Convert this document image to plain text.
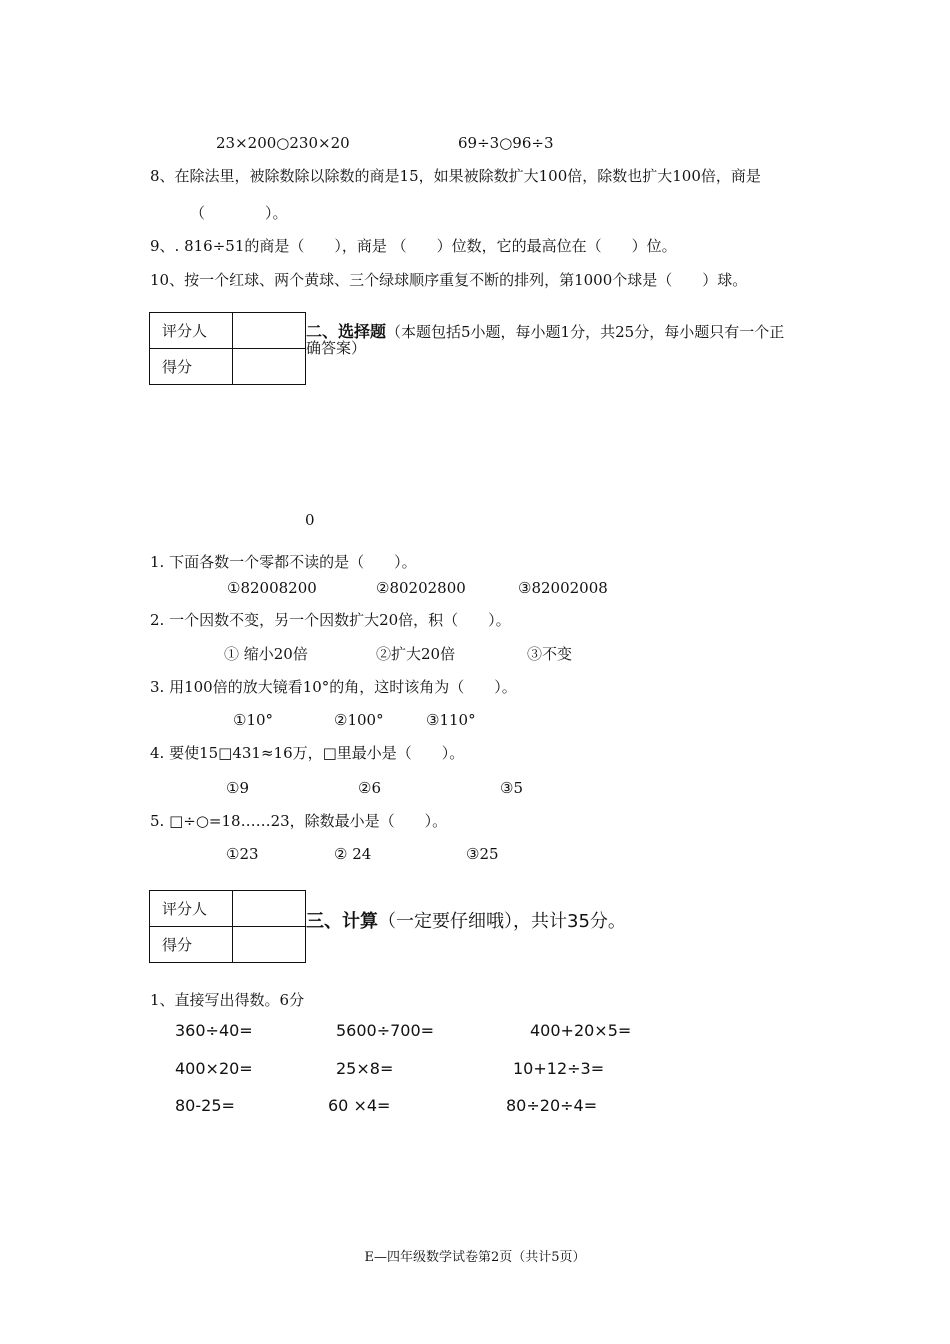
23×200○230×20	69÷3○96÷3
8、在除法里，被除数除以除数的商是15，如果被除数扩大100倍，除数也扩大100倍，商是
（　　　　）。
9、. 816÷51的商是（　　），商是 （　　）位数，它的最高位在（　　）位。
10、按一个红球、两个黄球、三个绿球顺序重复不断的排列，第1000个球是（　　）球。
评分人	
得分	
二、选择题（本题包括5小题，每小题1分，共25分，每小题只有一个正
确答案）
0
1. 下面各数一个零都不读的是（　　）。
①82008200	②80202800	③82002008
2. 一个因数不变，另一个因数扩大20倍，积（　　）。
① 缩小20倍	②扩大20倍	③不变
3. 用100倍的放大镜看10°的角，这时该角为（　　）。
①10°	②100°	③110°
4. 要使15□431≈16万，□里最小是（　　）。
①9	②6	③5
5. □÷○=18……23，除数最小是（　　）。
①23	② 24	③25
评分人	
得分	
三、计算（一定要仔细哦），共计35分。
1、直接写出得数。6分
360÷40=	5600÷700=	400+20×5=
400×20=	25×8=	10+12÷3=
80-25=	60 ×4=	80÷20÷4=
E—四年级数学试卷第2页（共计5页）
